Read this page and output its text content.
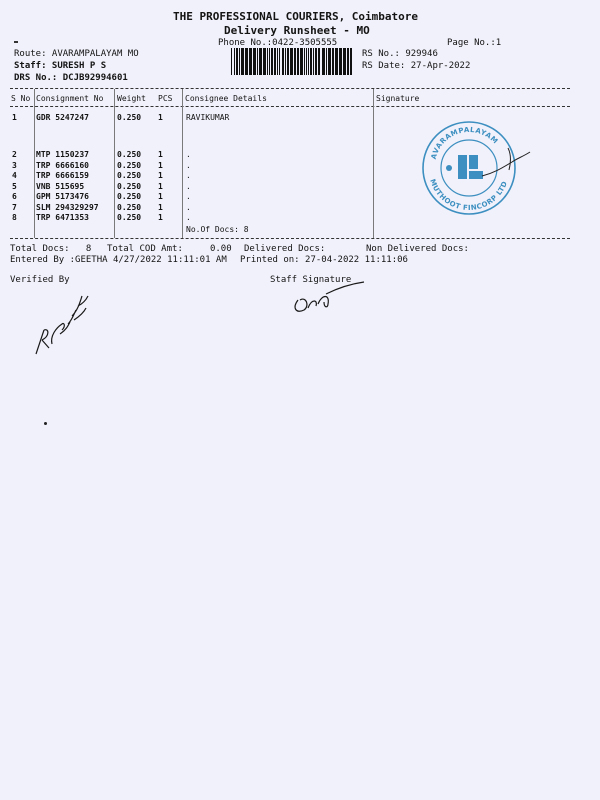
THE PROFESSIONAL COURIERS, Coimbatore
Delivery Runsheet - MO
Phone No.:0422-3505555	Page No.:1
Route: AVARAMPALAYAM MO
Staff: SURESH P S
DRS No.: DCJB92994601
RS No.: 929946
RS Date: 27-Apr-2022
S No Consignment No Weight PCS Consignee Details	Signature
1 GDR 5247247	0.250 1	RAVIKUMAR
2 MTP 1150237	0.250 1	.
3 TRP 6666160	0.250 1	.
4 TRP 6666159	0.250 1	.
5 VNB 515695	0.250 1	.
6 GPM 5173476	0.250 1	.
7 SLM 294329297 0.250 1	.
8 TRP 6471353	0.250 1	.
No.Of Docs: 8
AVARAMPALAYAM
MUTHOOT FINCORP LTD
Total Docs:   8 Total COD Amt:     0.00 Delivered Docs:	Non Delivered Docs:
Entered By :GEETHA 4/27/2022 11:11:01 AM Printed on: 27-04-2022 11:11:06
Verified By	Staff Signature
